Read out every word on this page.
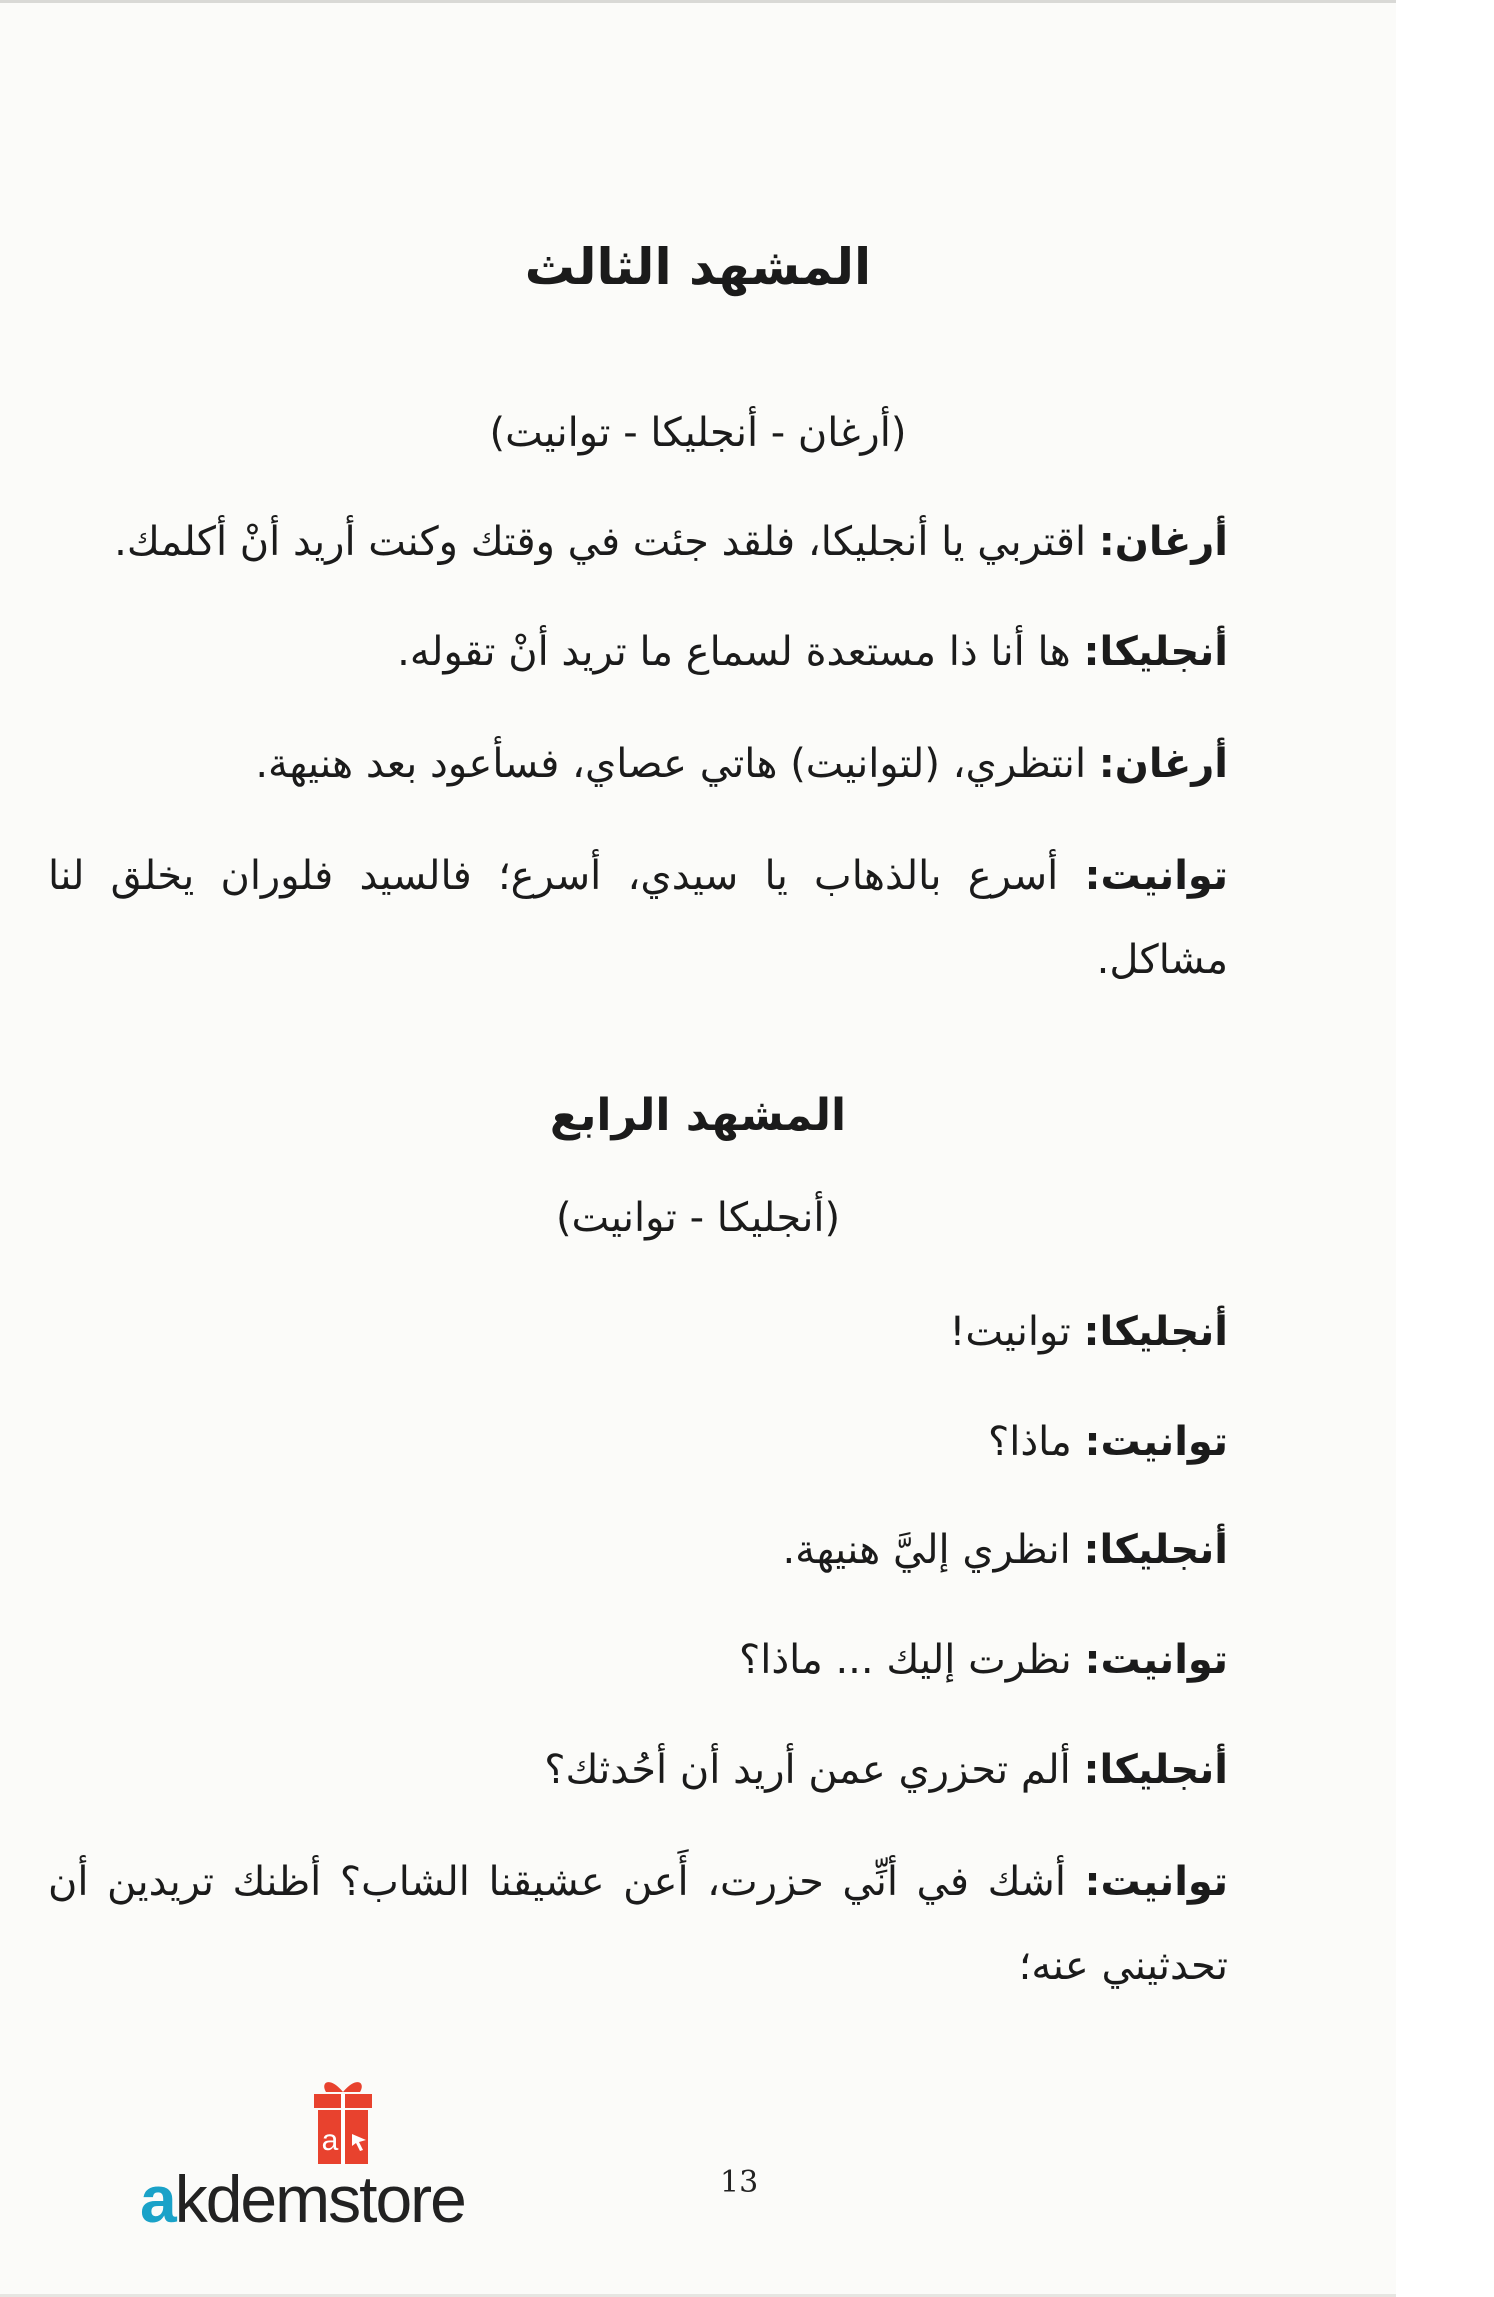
المشهد الثالث

(أرغان - أنجليكا - توانيت)

أرغان: اقتربي يا أنجليكا، فلقد جئت في وقتك وكنت أريد أنْ أكلمك.

أنجليكا: ها أنا ذا مستعدة لسماع ما تريد أنْ تقوله.

أرغان: انتظري، (لتوانيت) هاتي عصاي، فسأعود بعد هنيهة.

توانيت: أسرع بالذهاب يا سيدي، أسرع؛ فالسيد فلوران يخلق لنا مشاكل.

المشهد الرابع

(أنجليكا - توانيت)

أنجليكا: توانيت!

توانيت: ماذا؟

أنجليكا: انظري إليَّ هنيهة.

توانيت: نظرت إليك ... ماذا؟

أنجليكا: ألم تحزري عمن أريد أن أحُدثك؟

توانيت: أشك في أنِّي حزرت، أَعن عشيقنا الشاب؟ أظنك تريدين أن تحدثيني عنه؛

13
a
akdemstore
